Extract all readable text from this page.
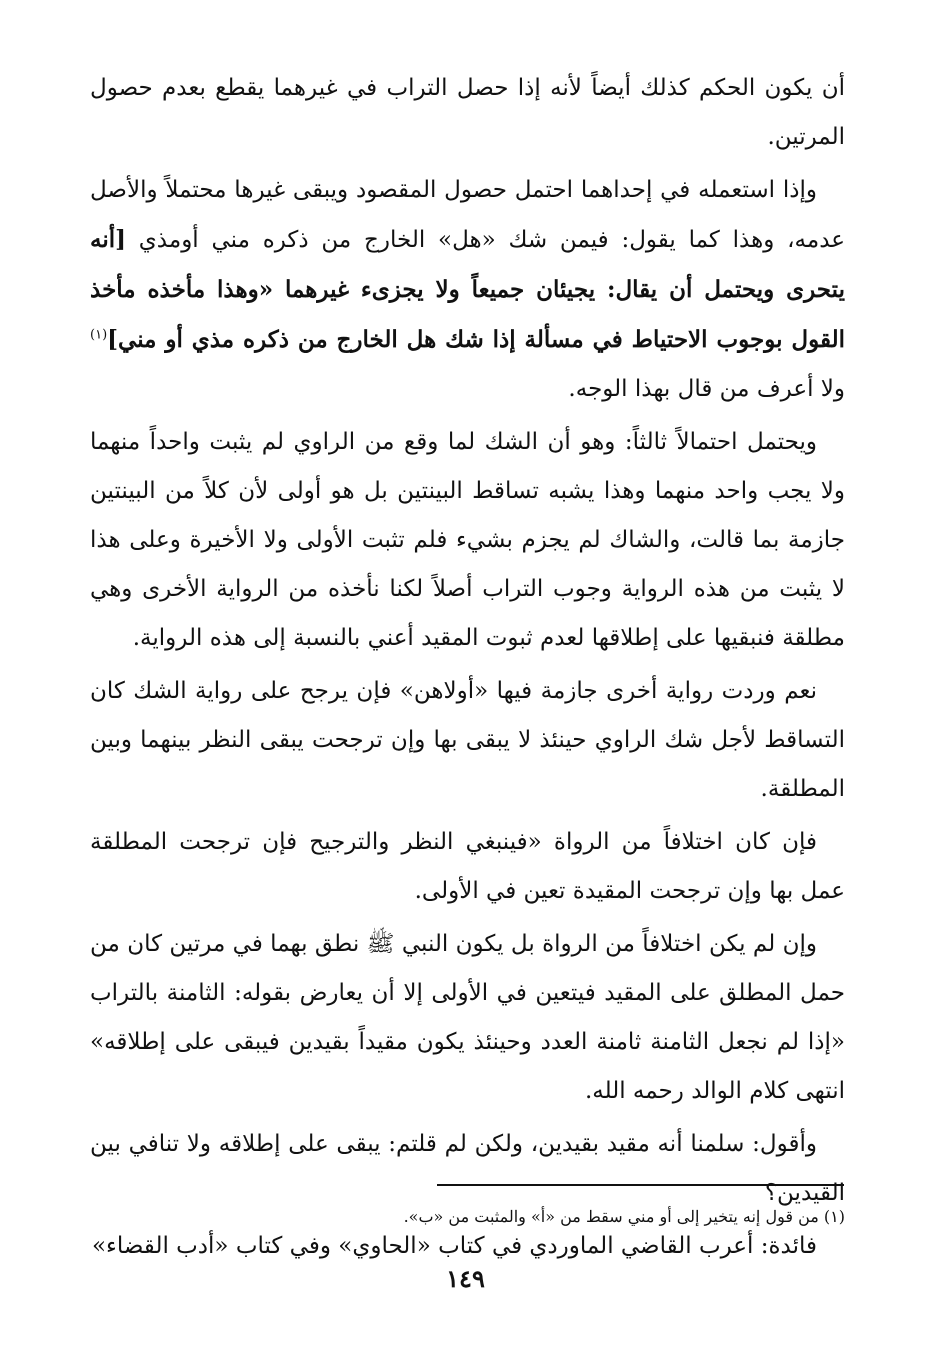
أن يكون الحكم كذلك أيضاً لأنه إذا حصل التراب في غيرهما يقطع بعدم حصول المرتين.

وإذا استعمله في إحداهما احتمل حصول المقصود ويبقى غيرها محتملاً والأصل عدمه، وهذا كما يقول: فيمن شك «هل» الخارج من ذكره مني أومذي [أنه يتحرى ويحتمل أن يقال: يجيئان جميعاً ولا يجزىء غيرهما «وهذا مأخذه مأخذ القول بوجوب الاحتياط في مسألة إذا شك هل الخارج من ذكره مذي أو مني]$^{(١)}$ ولا أعرف من قال بهذا الوجه.

ويحتمل احتمالاً ثالثاً: وهو أن الشك لما وقع من الراوي لم يثبت واحداً منهما ولا يجب واحد منهما وهذا يشبه تساقط البينتين بل هو أولى لأن كلاً من البينتين جازمة بما قالت، والشاك لم يجزم بشيء فلم تثبت الأولى ولا الأخيرة وعلى هذا لا يثبت من هذه الرواية وجوب التراب أصلاً لكنا نأخذه من الرواية الأخرى وهي مطلقة فنبقيها على إطلاقها لعدم ثبوت المقيد أعني بالنسبة إلى هذه الرواية.

نعم وردت رواية أخرى جازمة فيها «أولاهن» فإن يرجح على رواية الشك كان التساقط لأجل شك الراوي حينئذ لا يبقى بها وإن ترجحت يبقى النظر بينهما وبين المطلقة.

فإن كان اختلافاً من الرواة «فينبغي النظر والترجيح فإن ترجحت المطلقة عمل بها وإن ترجحت المقيدة تعين في الأولى.

وإن لم يكن اختلافاً من الرواة بل يكون النبي ﷺ نطق بهما في مرتين كان من حمل المطلق على المقيد فيتعين في الأولى إلا أن يعارض بقوله: الثامنة بالتراب «إذا لم نجعل الثامنة ثامنة العدد وحينئذ يكون مقيداً بقيدين فيبقى على إطلاقه» انتهى كلام الوالد رحمه الله.

وأقول: سلمنا أنه مقيد بقيدين، ولكن لم قلتم: يبقى على إطلاقه ولا تنافي بين القيدين؟

فائدة: أعرب القاضي الماوردي في كتاب «الحاوي» وفي كتاب «أدب القضاء»

(١) من قول إنه يتخير إلى أو مني سقط من «أ» والمثبت من «ب».
١٤٩
